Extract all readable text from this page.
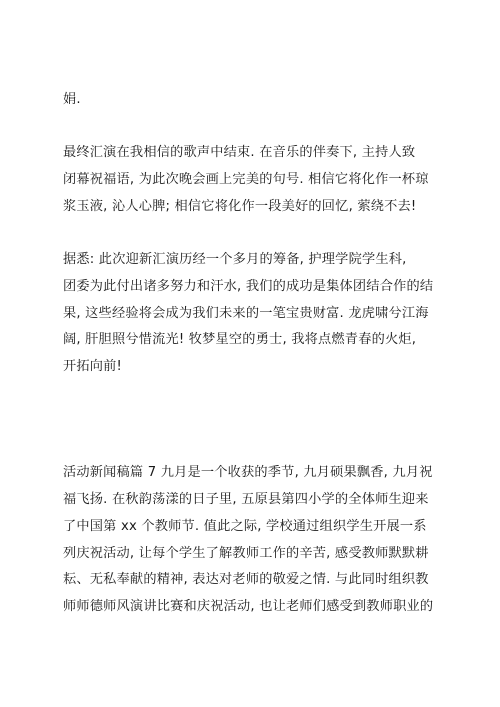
娟.
最终汇演在我相信的歌声中结束. 在音乐的伴奏下, 主持人致
闭幕祝福语, 为此次晚会画上完美的句号. 相信它将化作一杯琼
浆玉液, 沁人心脾; 相信它将化作一段美好的回忆, 萦绕不去!
据悉: 此次迎新汇演历经一个多月的筹备, 护理学院学生科,
团委为此付出诸多努力和汗水, 我们的成功是集体团结合作的结
果, 这些经验将会成为我们未来的一笔宝贵财富. 龙虎啸兮江海
阔, 肝胆照兮惜流光! 牧梦星空的勇士, 我将点燃青春的火炬,
开拓向前!
活动新闻稿篇 7 九月是一个收获的季节, 九月硕果飘香, 九月祝
福飞扬. 在秋韵荡漾的日子里, 五原县第四小学的全体师生迎来
了中国第 xx 个教师节. 值此之际, 学校通过组织学生开展一系
列庆祝活动, 让每个学生了解教师工作的辛苦, 感受教师默默耕
耘、无私奉献的精神, 表达对老师的敬爱之情. 与此同时组织教
师师德师风演讲比赛和庆祝活动, 也让老师们感受到教师职业的
